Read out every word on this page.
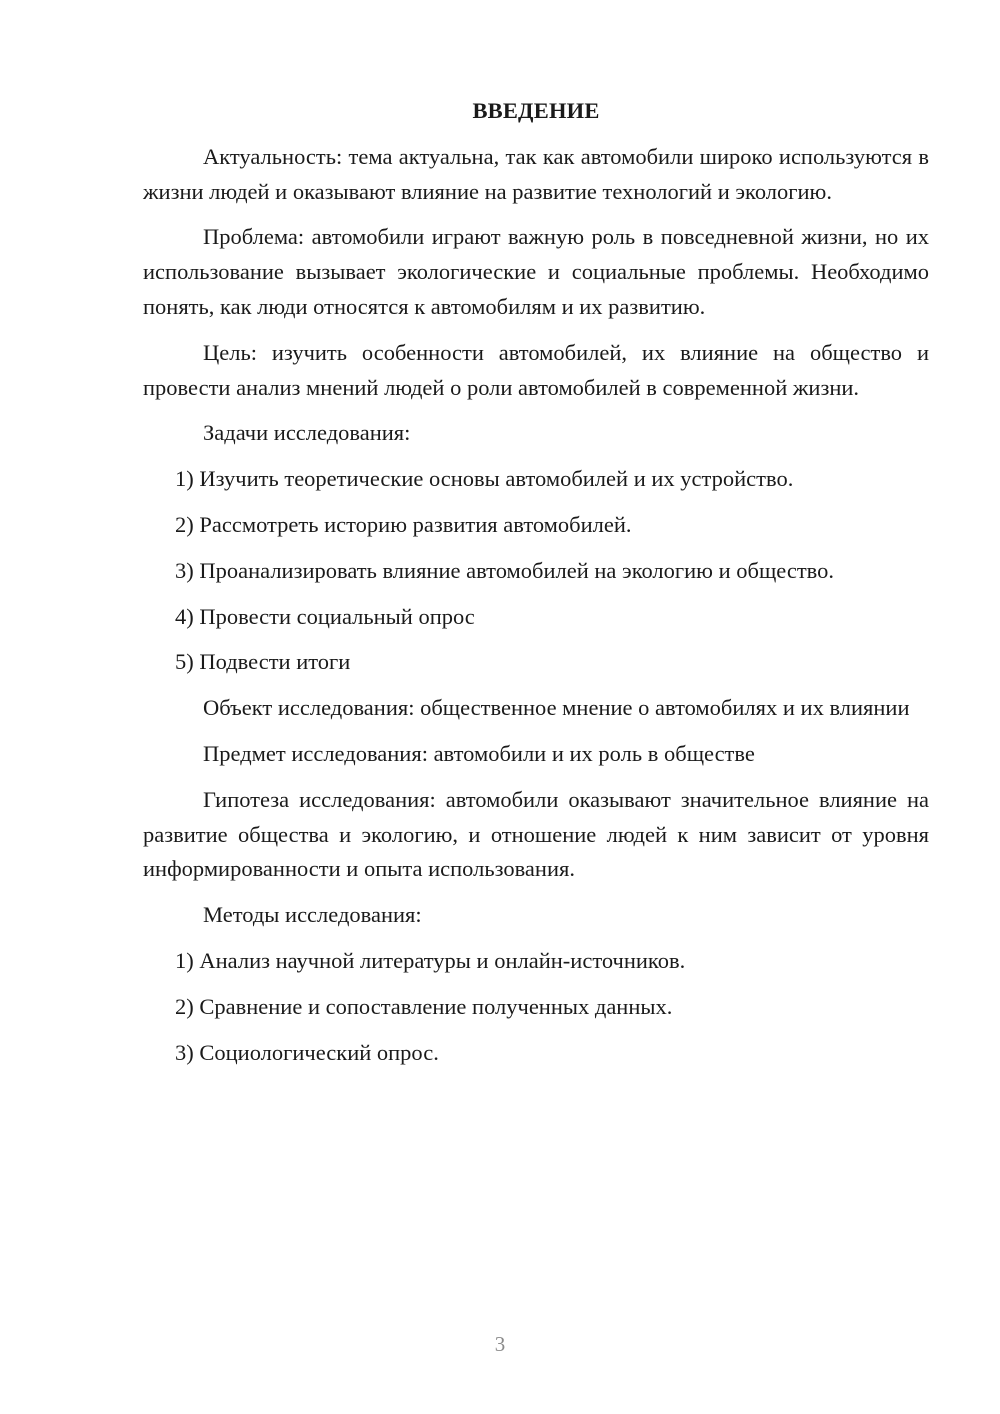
ВВЕДЕНИЕ

Актуальность: тема актуальна, так как автомобили широко используются в жизни людей и оказывают влияние на развитие технологий и экологию.

Проблема: автомобили играют важную роль в повседневной жизни, но их использование вызывает экологические и социальные проблемы. Необходимо понять, как люди относятся к автомобилям и их развитию.

Цель: изучить особенности автомобилей, их влияние на общество и провести анализ мнений людей о роли автомобилей в современной жизни.

Задачи исследования:

1) Изучить теоретические основы автомобилей и их устройство.
2) Рассмотреть историю развития автомобилей.
3) Проанализировать влияние автомобилей на экологию и общество.
4) Провести социальный опрос
5) Подвести итоги

Объект исследования: общественное мнение о автомобилях и их влиянии

Предмет исследования: автомобили и их роль в обществе

Гипотеза исследования: автомобили оказывают значительное влияние на развитие общества и экологию, и отношение людей к ним зависит от уровня информированности и опыта использования.

Методы исследования:

1) Анализ научной литературы и онлайн-источников.
2) Сравнение и сопоставление полученных данных.
3) Социологический опрос.
3
